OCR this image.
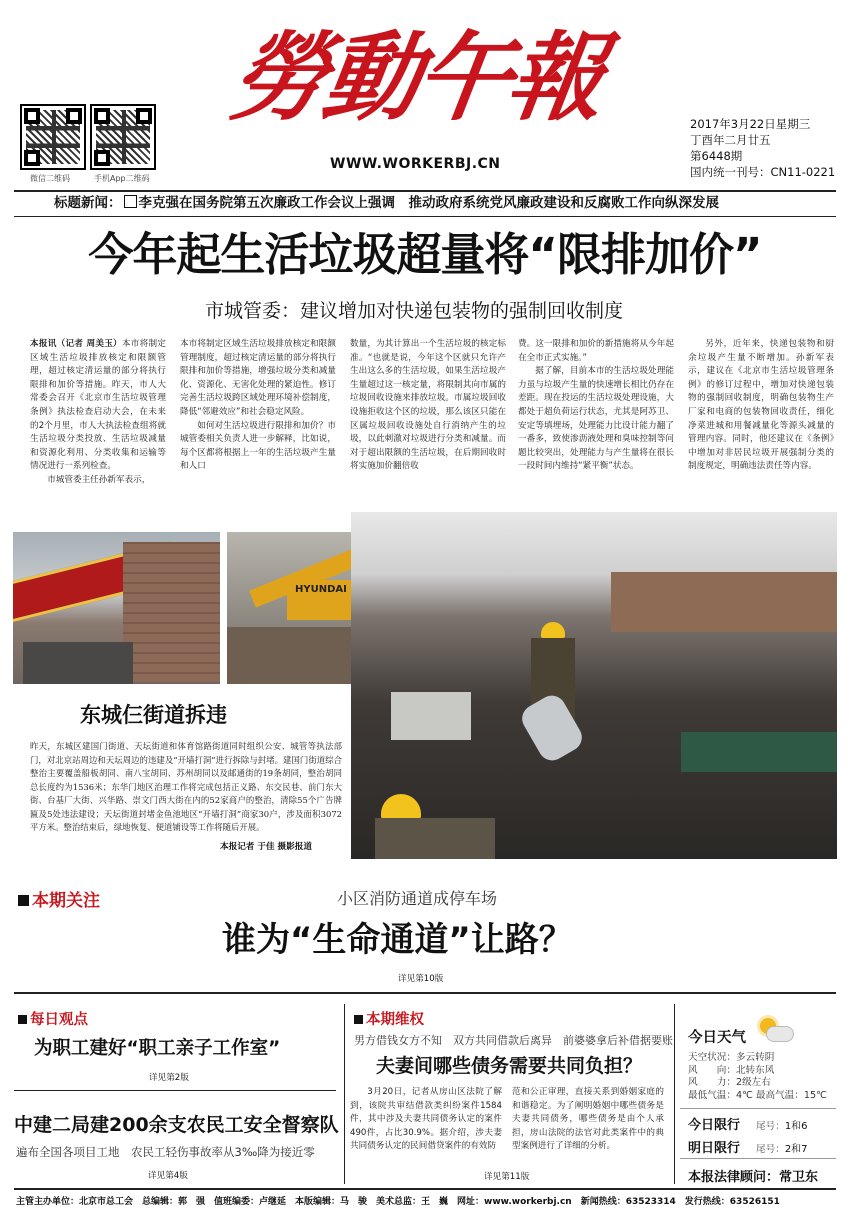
微信二维码	手机App二维码
勞動午報
WWW.WORKERBJ.CN
2017年3月22日星期三
丁酉年二月廿五
第6448期
国内统一刊号：CN11-0221
标题新闻： 李克强在国务院第五次廉政工作会议上强调　推动政府系统党风廉政建设和反腐败工作向纵深发展
今年起生活垃圾超量将“限排加价”
市城管委：建议增加对快递包装物的强制回收制度
本报讯（记者 周美玉）本市将制定区域生活垃圾排放核定和限额管理，超过核定清运量的部分将执行限排和加价等措施。昨天，市人大常委会召开《北京市生活垃圾管理条例》执法检查启动大会，在未来的2个月里，市人大执法检查组将就生活垃圾分类投放、生活垃圾减量和资源化利用、分类收集和运输等情况进行一系列检查。
市城管委主任孙新军表示，
本市将制定区域生活垃圾排放核定和限额管理制度，超过核定清运量的部分将执行限排和加价等措施，增强垃圾分类和减量化、资源化、无害化处理的紧迫性。修订完善生活垃圾跨区域处理环境补偿制度，降低“邻避效应”和社会稳定风险。
如何对生活垃圾进行限排和加价？市城管委相关负责人进一步解释，比如说，每个区都将根据上一年的生活垃圾产生量和人口
数量，为其计算出一个生活垃圾的核定标准。“也就是说，今年这个区就只允许产生出这么多的生活垃圾，如果生活垃圾产生量超过这一核定量，将限制其向市属的垃圾回收设施来排放垃圾。市属垃圾回收设施拒收这个区的垃圾，那么该区只能在区属垃圾回收设施处自行消纳产生的垃圾，以此刺激对垃圾进行分类和减量。而对于超出限额的生活垃圾，在后期回收时将实施加价翻倍收
费。这一限排和加价的新措施将从今年起在全市正式实施。”
据了解，目前本市的生活垃圾处理能力虽与垃圾产生量的快速增长相比仍存在差距。现在投运的生活垃圾处理设施，大都处于超负荷运行状态，尤其是阿苏卫、安定等填埋场，处理能力比设计能力翻了一番多，致使渗沥液处理和臭味控制等问题比较突出，处理能力与产生量将在很长一段时间内维持“紧平衡”状态。
另外，近年来，快递包装物和厨余垃圾产生量不断增加。孙新军表示，建议在《北京市生活垃圾管理条例》的修订过程中，增加对快递包装物的强制回收制度，明确包装物生产厂家和电商的包装物回收责任，细化净菜进城和用餐减量化等源头减量的管理内容。同时，他还建议在《条例》中增加对非居民垃圾开展强制分类的制度规定，明确违法责任等内容。
HYUNDAI
东城仨街道拆违
昨天，东城区建国门街道、天坛街道和体育馆路街道同时组织公安、城管等执法部门，对北京站周边和天坛周边的违建及“开墙打洞”进行拆除与封堵。建国门街道综合整治主要覆盖船板胡同、南八宝胡同、苏州胡同以及邮通街的19条胡同，整治胡同总长度约为1536米；东华门地区治理工作将完成包括正义路、东交民巷、前门东大街、台基厂大街、兴华路、崇文门西大街在内的52家商户的整治，清除55个广告牌匾及5处违法建设；天坛街道封堵金鱼池地区“开墙打洞”商家30户，涉及面积3072平方米。整治结束后，绿地恢复、便道铺设等工作将随后开展。
本报记者 于佳 摄影报道
本期关注	小区消防通道成停车场
谁为“生命通道”让路？
详见第10版
每日观点
为职工建好“职工亲子工作室”
详见第2版
中建二局建200余支农民工安全督察队
遍布全国各项目工地　农民工轻伤事故率从3‰降为接近零
详见第4版
本期维权
男方借钱女方不知　双方共同借款后离异　前婆婆拿后补借据要账
夫妻间哪些债务需要共同负担？
3月20日，记者从房山区法院了解到，该院共审结借款类纠纷案件1584件，其中涉及夫妻共同债务认定的案件490件，占比30.9%。据介绍，涉夫妻共同债务认定的民间借贷案件的有效防
范和公正审理，直接关系到婚姻家庭的和谐稳定。为了阐明婚姻中哪些债务是夫妻共同债务，哪些债务是由个人承担，房山法院的法官对此类案件中的典型案例进行了详细的分析。
详见第11版
今日天气
天空状况：多云转阴
风　　向：北转东风
风　　力：2级左右
最低气温：4℃ 最高气温：15℃
今日限行　 尾号：1和6
明日限行　 尾号：2和7
本报法律顾问：常卫东
主管主办单位：北京市总工会　总编辑：郭　强　值班编委：卢继延　本版编辑：马　骏　美术总监：王　巍　网址：www.workerbj.cn　新闻热线：63523314　发行热线：63526151
